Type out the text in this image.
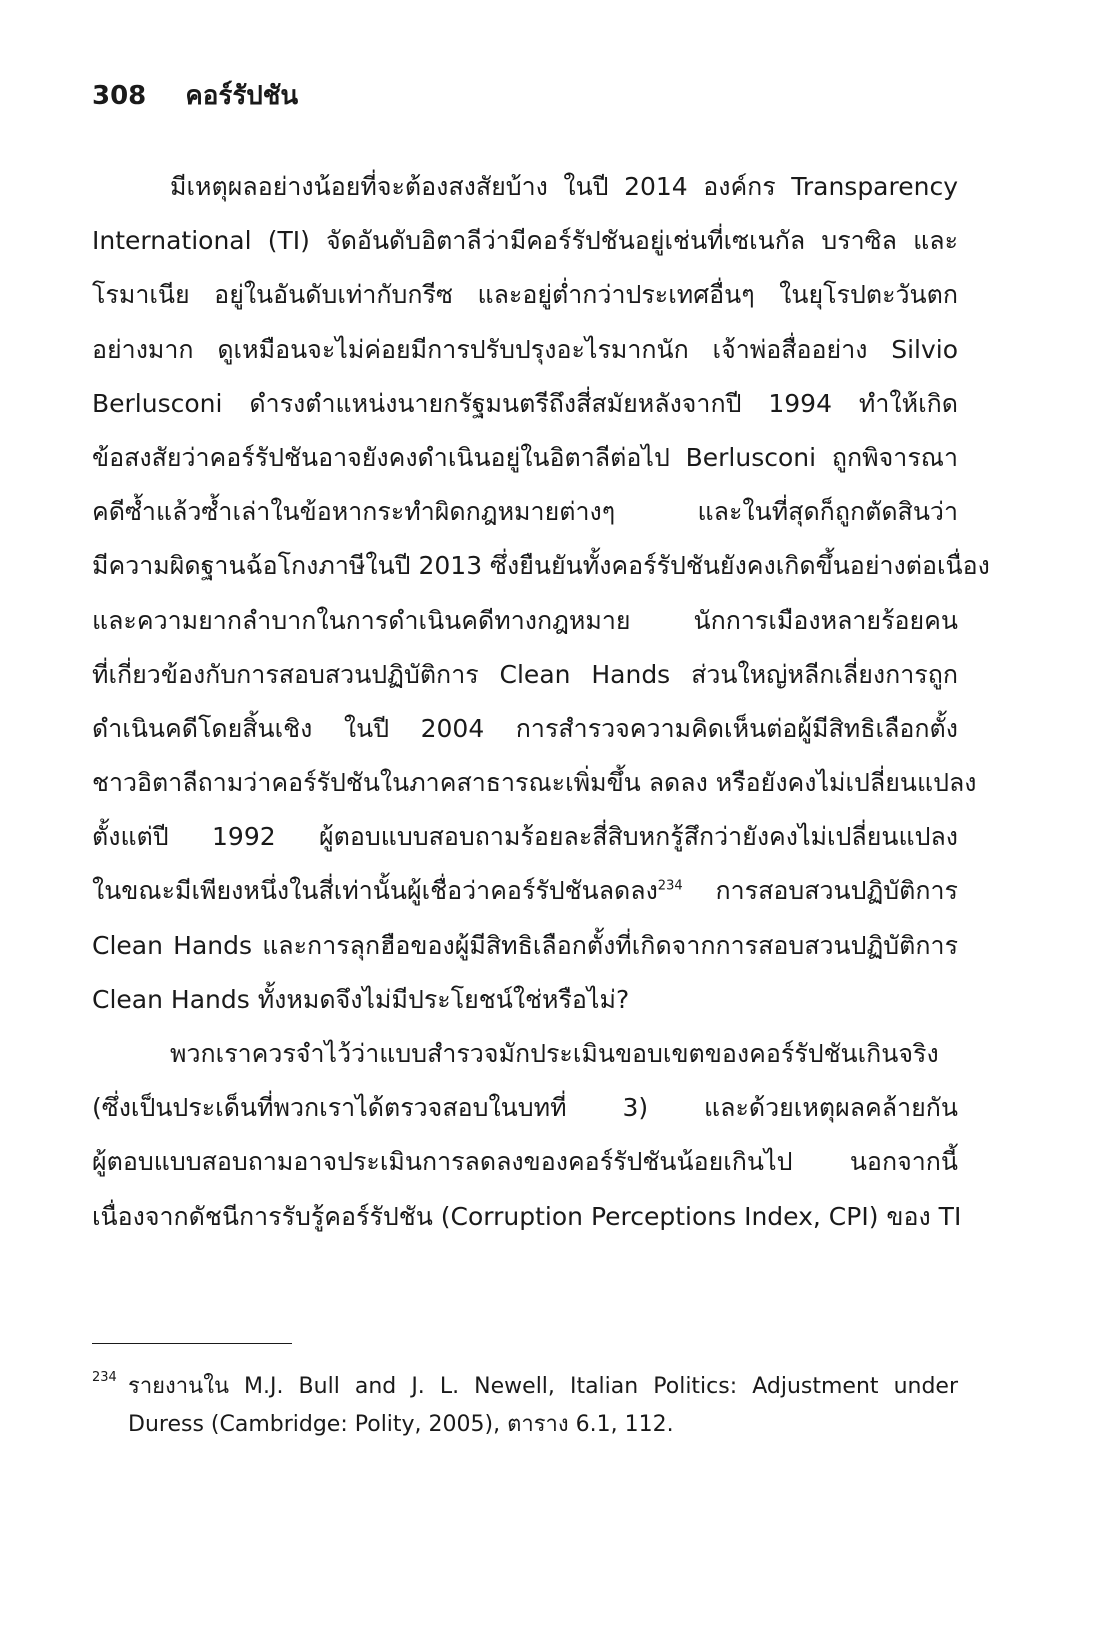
308 คอร์รัปชัน
มีเหตุผลอย่างน้อยที่จะต้องสงสัยบ้าง ในปี 2014 องค์กร Transparency
International (TI) จัดอันดับอิตาลีว่ามีคอร์รัปชันอยู่เช่นที่เซเนกัล บราซิล และ
โรมาเนีย อยู่ในอันดับเท่ากับกรีซ และอยู่ต่ำกว่าประเทศอื่นๆ ในยุโรปตะวันตก
อย่างมาก ดูเหมือนจะไม่ค่อยมีการปรับปรุงอะไรมากนัก เจ้าพ่อสื่ออย่าง Silvio
Berlusconi ดำรงตำแหน่งนายกรัฐมนตรีถึงสี่สมัยหลังจากปี 1994 ทำให้เกิด
ข้อสงสัยว่าคอร์รัปชันอาจยังคงดำเนินอยู่ในอิตาลีต่อไป Berlusconi ถูกพิจารณา
คดีซ้ำแล้วซ้ำเล่าในข้อหากระทำผิดกฎหมายต่างๆ และในที่สุดก็ถูกตัดสินว่า
มีความผิดฐานฉ้อโกงภาษีในปี 2013 ซึ่งยืนยันทั้งคอร์รัปชันยังคงเกิดขึ้นอย่างต่อเนื่อง
และความยากลำบากในการดำเนินคดีทางกฎหมาย นักการเมืองหลายร้อยคน
ที่เกี่ยวข้องกับการสอบสวนปฏิบัติการ Clean Hands ส่วนใหญ่หลีกเลี่ยงการถูก
ดำเนินคดีโดยสิ้นเชิง ในปี 2004 การสำรวจความคิดเห็นต่อผู้มีสิทธิเลือกตั้ง
ชาวอิตาลีถามว่าคอร์รัปชันในภาคสาธารณะเพิ่มขึ้น ลดลง หรือยังคงไม่เปลี่ยนแปลง
ตั้งแต่ปี 1992 ผู้ตอบแบบสอบถามร้อยละสี่สิบหกรู้สึกว่ายังคงไม่เปลี่ยนแปลง
ในขณะมีเพียงหนึ่งในสี่เท่านั้นผู้เชื่อว่าคอร์รัปชันลดลง$^{234}$ การสอบสวนปฏิบัติการ
Clean Hands และการลุกฮือของผู้มีสิทธิเลือกตั้งที่เกิดจากการสอบสวนปฏิบัติการ
Clean Hands ทั้งหมดจึงไม่มีประโยชน์ใช่หรือไม่?
พวกเราควรจำไว้ว่าแบบสำรวจมักประเมินขอบเขตของคอร์รัปชันเกินจริง
(ซึ่งเป็นประเด็นที่พวกเราได้ตรวจสอบในบทที่ 3) และด้วยเหตุผลคล้ายกัน
ผู้ตอบแบบสอบถามอาจประเมินการลดลงของคอร์รัปชันน้อยเกินไป นอกจากนี้
เนื่องจากดัชนีการรับรู้คอร์รัปชัน (Corruption Perceptions Index, CPI) ของ TI
234 รายงานใน M.J. Bull and J. L. Newell, Italian Politics: Adjustment under
Duress (Cambridge: Polity, 2005), ตาราง 6.1, 112.
